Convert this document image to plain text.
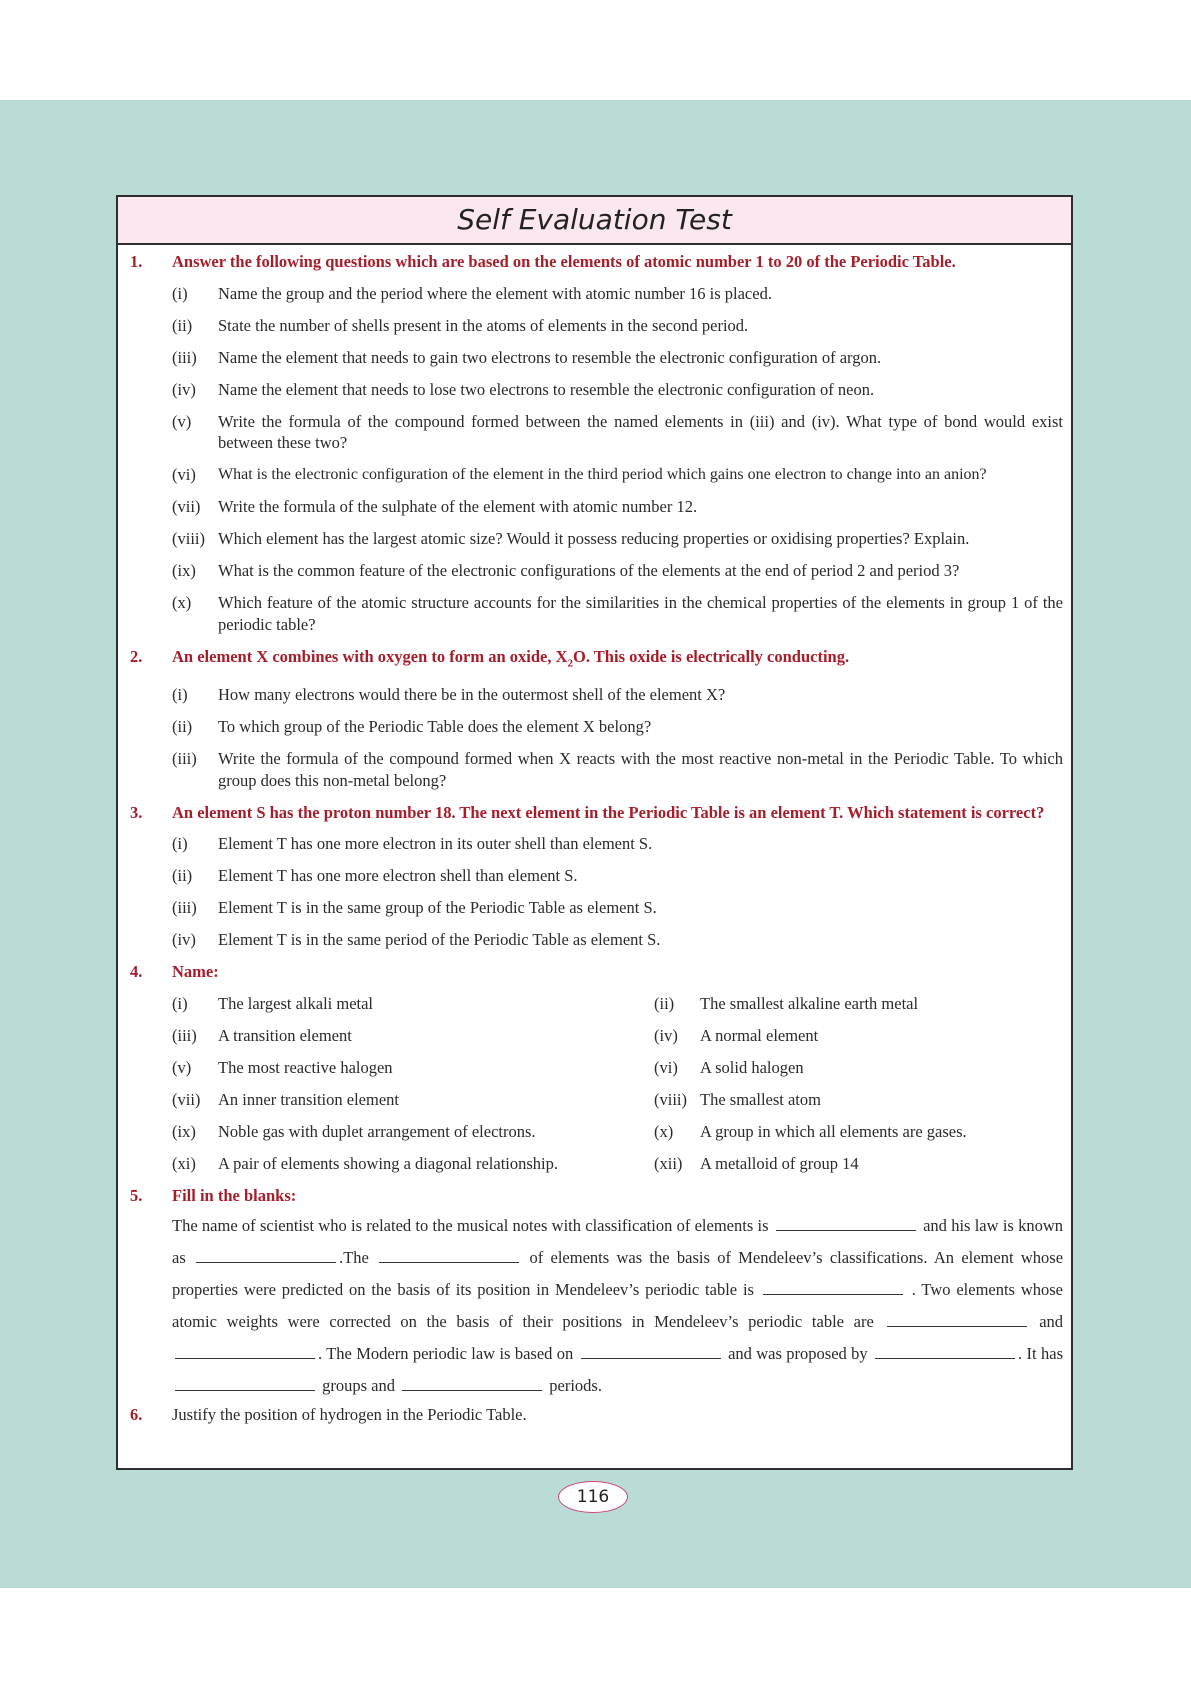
Self Evaluation Test
1.	Answer the following questions which are based on the elements of atomic number 1 to 20 of the Periodic Table.
(i)	Name the group and the period where the element with atomic number 16 is placed.
(ii)	State the number of shells present in the atoms of elements in the second period.
(iii)	Name the element that needs to gain two electrons to resemble the electronic configuration of argon.
(iv)	Name the element that needs to lose two electrons to resemble the electronic configuration of neon.
(v)	Write the formula of the compound formed between the named elements in (iii) and (iv). What type of bond would exist between these two?
(vi)	What is the electronic configuration of the element in the third period which gains one electron to change into an anion?
(vii)	Write the formula of the sulphate of the element with atomic number 12.
(viii) Which element has the largest atomic size? Would it possess reducing properties or oxidising properties? Explain.
(ix)	What is the common feature of the electronic configurations of the elements at the end of period 2 and period 3?
(x)	Which feature of the atomic structure accounts for the similarities in the chemical properties of the elements in group 1 of the periodic table?
2.	An element X combines with oxygen to form an oxide, $X_2O$. This oxide is electrically conducting.
(i)	How many electrons would there be in the outermost shell of the element X?
(ii)	To which group of the Periodic Table does the element X belong?
(iii)	Write the formula of the compound formed when X reacts with the most reactive non-metal in the Periodic Table. To which group does this non-metal belong?
3.	An element S has the proton number 18. The next element in the Periodic Table is an element T. Which statement is correct?
(i)	Element T has one more electron in its outer shell than element S.
(ii)	Element T has one more electron shell than element S.
(iii)	Element T is in the same group of the Periodic Table as element S.
(iv)	Element T is in the same period of the Periodic Table as element S.
4.	Name:
(i)	The largest alkali metal	(ii)	The smallest alkaline earth metal
(iii)	A transition element	(iv)	A normal element
(v)	The most reactive halogen	(vi)	A solid halogen
(vii)	An inner transition element	(viii) The smallest atom
(ix)	Noble gas with duplet arrangement of electrons.	(x)	A group in which all elements are gases.
(xi)	A pair of elements showing a diagonal relationship.	(xii)	A metalloid of group 14
5.	Fill in the blanks:
The name of scientist who is related to the musical notes with classification of elements is	and his law is known as	.The	of elements was the basis of Mendeleev’s classifications. An element whose properties were predicted on the basis of its position in Mendeleev’s periodic table is	. Two elements whose atomic weights were corrected on the basis of their positions in Mendeleev’s periodic table are	and . The Modern periodic law is based on	and was proposed by	. It has  groups and	periods.
6.	Justify the position of hydrogen in the Periodic Table.
116
